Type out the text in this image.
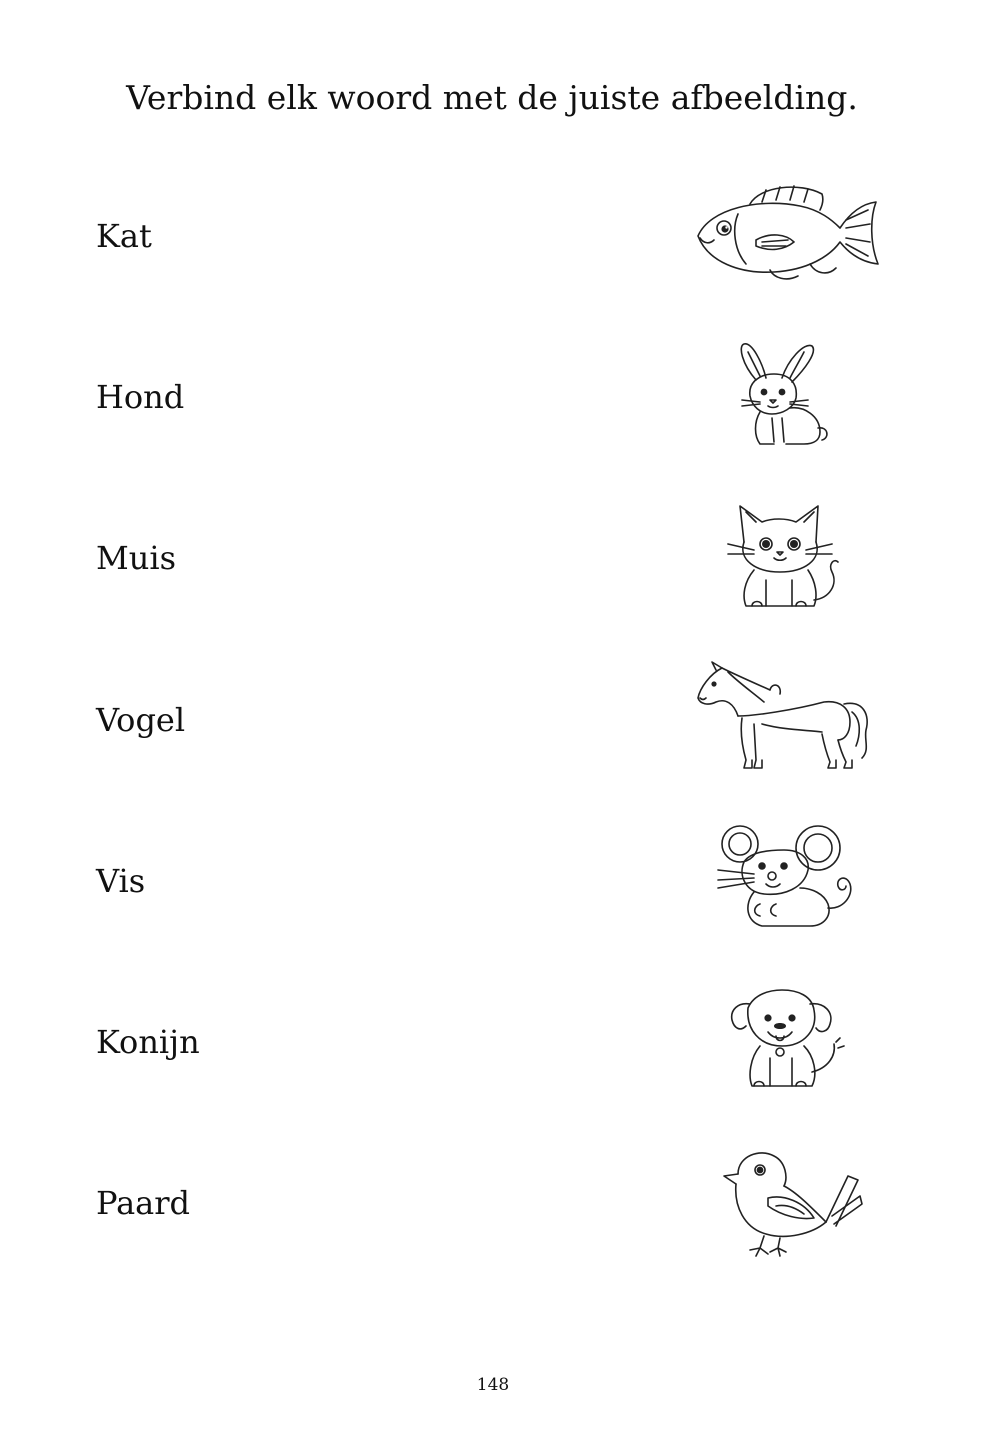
Verbind elk woord met de juiste afbeelding.
Kat
Hond
Muis
Vogel
Vis
Konijn
Paard
148
